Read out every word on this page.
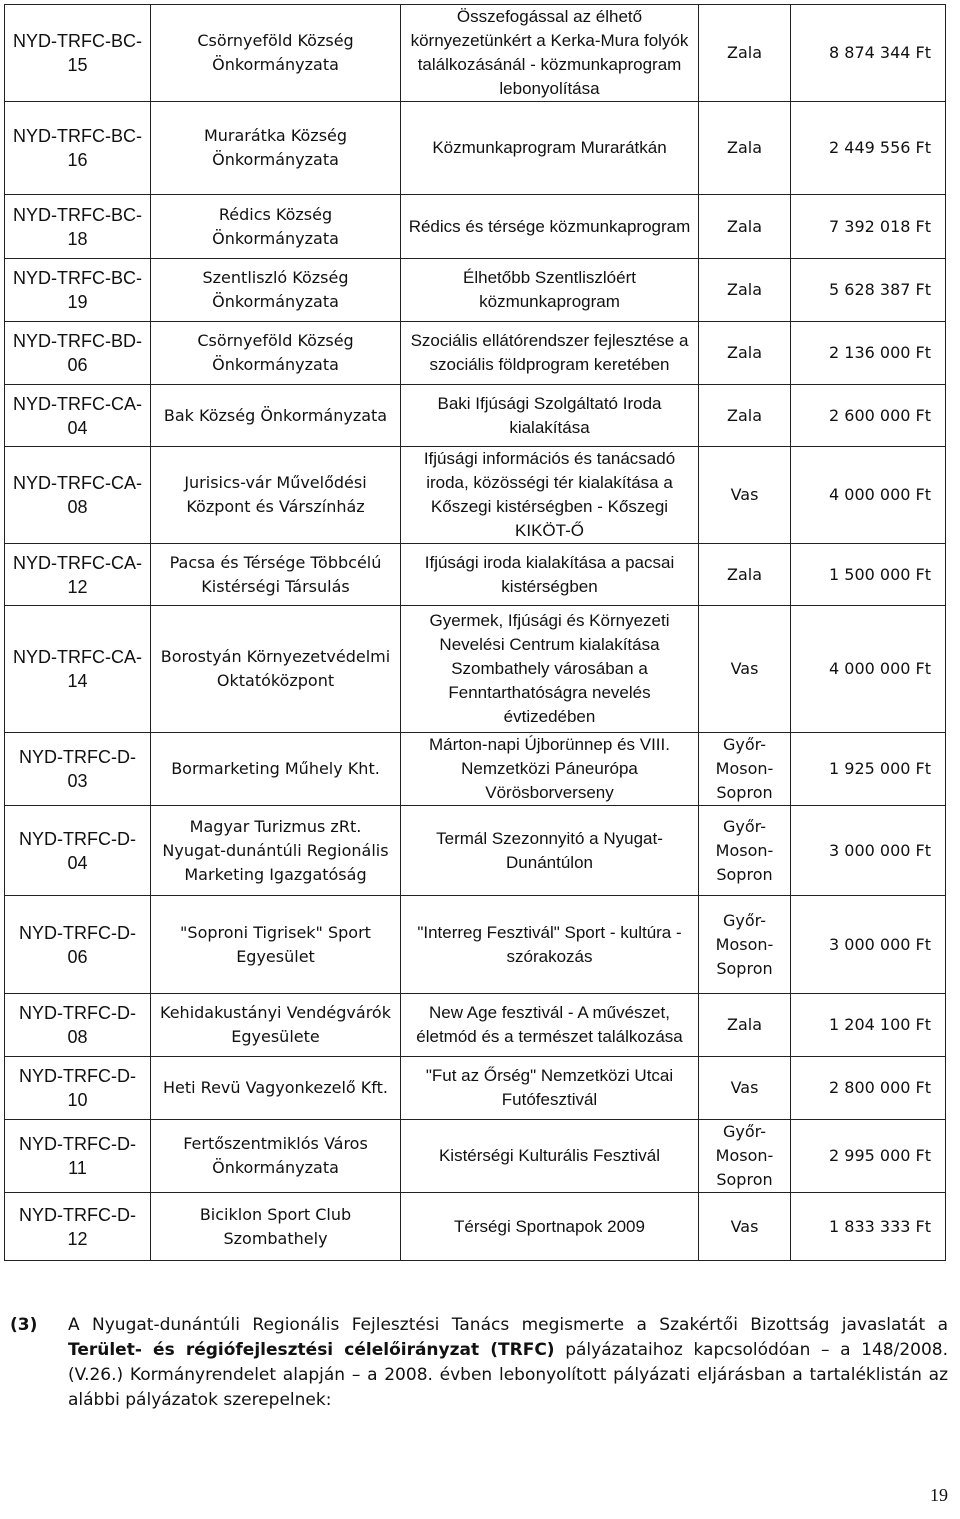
NYD-TRFC-BC-15	Csörnyeföld Község Önkormányzata	Összefogással az élhető környezetünkért a Kerka-Mura folyók találkozásánál - közmunkaprogram lebonyolítása	Zala	8 874 344 Ft
NYD-TRFC-BC-16	Murarátka Község Önkormányzata	Közmunkaprogram Murarátkán	Zala	2 449 556 Ft
NYD-TRFC-BC-18	Rédics Község Önkormányzata	Rédics és térsége közmunkaprogram	Zala	7 392 018 Ft
NYD-TRFC-BC-19	Szentliszló Község Önkormányzata	Élhetőbb Szentliszlóért közmunkaprogram	Zala	5 628 387 Ft
NYD-TRFC-BD-06	Csörnyeföld Község Önkormányzata	Szociális ellátórendszer fejlesztése a szociális földprogram keretében	Zala	2 136 000 Ft
NYD-TRFC-CA-04	Bak Község Önkormányzata	Baki Ifjúsági Szolgáltató Iroda kialakítása	Zala	2 600 000 Ft
NYD-TRFC-CA-08	Jurisics-vár Művelődési Központ és Várszínház	Ifjúsági információs és tanácsadó iroda, közösségi tér kialakítása a Kőszegi kistérségben - Kőszegi KIKÖT-Ő	Vas	4 000 000 Ft
NYD-TRFC-CA-12	Pacsa és Térsége Többcélú Kistérségi Társulás	Ifjúsági iroda kialakítása a pacsai kistérségben	Zala	1 500 000 Ft
NYD-TRFC-CA-14	Borostyán Környezetvédelmi Oktatóközpont	Gyermek, Ifjúsági és Környezeti Nevelési Centrum kialakítása Szombathely városában a Fenntarthatóságra nevelés évtizedében	Vas	4 000 000 Ft
NYD-TRFC-D-03	Bormarketing Műhely Kht.	Márton-napi Újborünnep és VIII. Nemzetközi Páneurópa Vörösborverseny	Győr-Moson-Sopron	1 925 000 Ft
NYD-TRFC-D-04	Magyar Turizmus zRt. Nyugat-dunántúli Regionális Marketing Igazgatóság	Termál Szezonnyitó a Nyugat-Dunántúlon	Győr-Moson-Sopron	3 000 000 Ft
NYD-TRFC-D-06	"Soproni Tigrisek" Sport Egyesület	"Interreg Fesztivál" Sport - kultúra - szórakozás	Győr-Moson-Sopron	3 000 000 Ft
NYD-TRFC-D-08	Kehidakustányi Vendégvárók Egyesülete	New Age fesztivál - A művészet, életmód és a természet találkozása	Zala	1 204 100 Ft
NYD-TRFC-D-10	Heti Revü Vagyonkezelő Kft.	"Fut az Őrség" Nemzetközi Utcai Futófesztivál	Vas	2 800 000 Ft
NYD-TRFC-D-11	Fertőszentmiklós Város Önkormányzata	Kistérségi Kulturális Fesztivál	Győr-Moson-Sopron	2 995 000 Ft
NYD-TRFC-D-12	Biciklon Sport Club Szombathely	Térségi Sportnapok 2009	Vas	1 833 333 Ft
(3) A Nyugat-dunántúli Regionális Fejlesztési Tanács megismerte a Szakértői Bizottság javaslatát a Terület- és régiófejlesztési célelőirányzat (TRFC) pályázataihoz kapcsolódóan – a 148/2008. (V.26.) Kormányrendelet alapján – a 2008. évben lebonyolított pályázati eljárásban a tartaléklistán az alábbi pályázatok szerepelnek:
19
